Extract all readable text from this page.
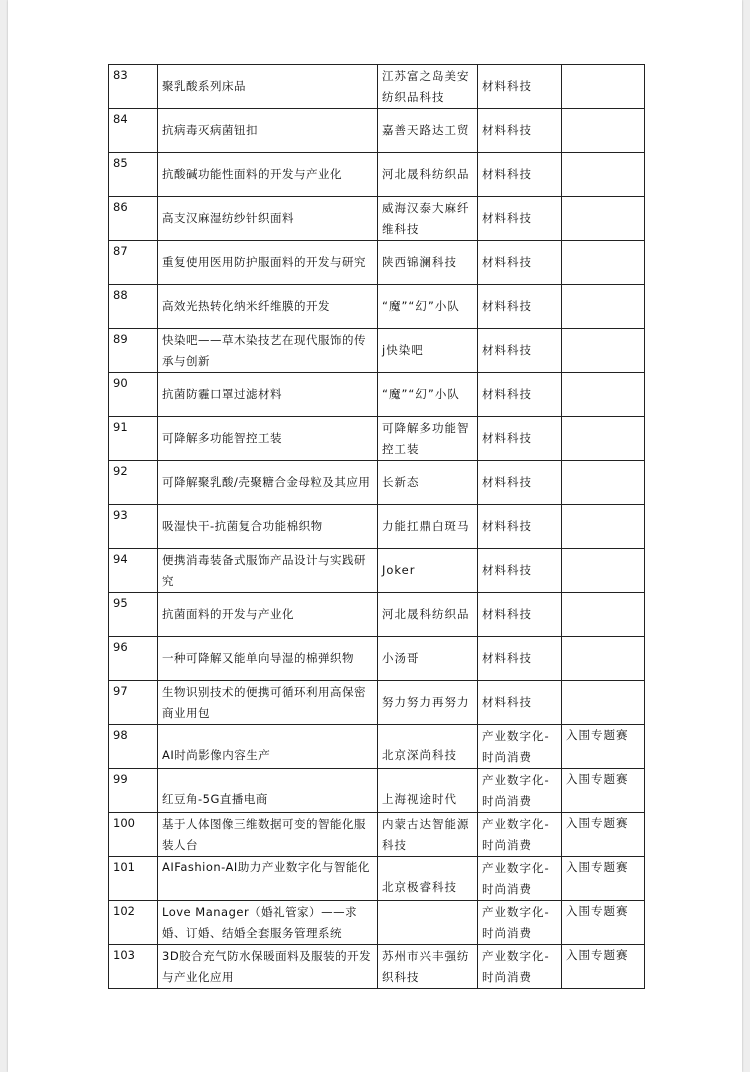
83	聚乳酸系列床品	江苏富之岛美安纺织品科技	材料科技	

84	抗病毒灭病菌钮扣	嘉善天路达工贸	材料科技	

85	抗酸碱功能性面料的开发与产业化	河北晟科纺织品	材料科技	

86	高支汉麻湿纺纱针织面料	威海汉泰大麻纤维科技	材料科技	

87	重复使用医用防护服面料的开发与研究	陕西锦澜科技	材料科技	

88	高效光热转化纳米纤维膜的开发	“魔”“幻”小队	材料科技	

89	快染吧——草木染技艺在现代服饰的传承与创新	j快染吧	材料科技	

90	抗菌防霾口罩过滤材料	“魔”“幻”小队	材料科技	

91	可降解多功能智控工装	可降解多功能智控工装	材料科技	

92	可降解聚乳酸/壳聚糖合金母粒及其应用	长新态	材料科技	

93	吸湿快干-抗菌复合功能棉织物	力能扛鼎白斑马	材料科技	

94	便携消毒装备式服饰产品设计与实践研究	Joker	材料科技	

95	抗菌面料的开发与产业化	河北晟科纺织品	材料科技	

96	一种可降解又能单向导湿的棉弹织物	小汤哥	材料科技	

97	生物识别技术的便携可循环利用高保密商业用包	努力努力再努力	材料科技	

98	AI时尚影像内容生产	北京深尚科技	产业数字化-时尚消费	入围专题赛
99	红豆角-5G直播电商	上海视途时代	产业数字化-时尚消费	入围专题赛
100	基于人体图像三维数据可变的智能化服装人台	内蒙古达智能源科技	产业数字化-时尚消费	入围专题赛
101	AIFashion-AI助力产业数字化与智能化	北京极睿科技	产业数字化-时尚消费	入围专题赛
102	Love Manager（婚礼管家）——求婚、订婚、结婚全套服务管理系统		产业数字化-时尚消费	入围专题赛
103	3D胶合充气防水保暖面料及服装的开发与产业化应用	苏州市兴丰强纺织科技	产业数字化-时尚消费	入围专题赛
